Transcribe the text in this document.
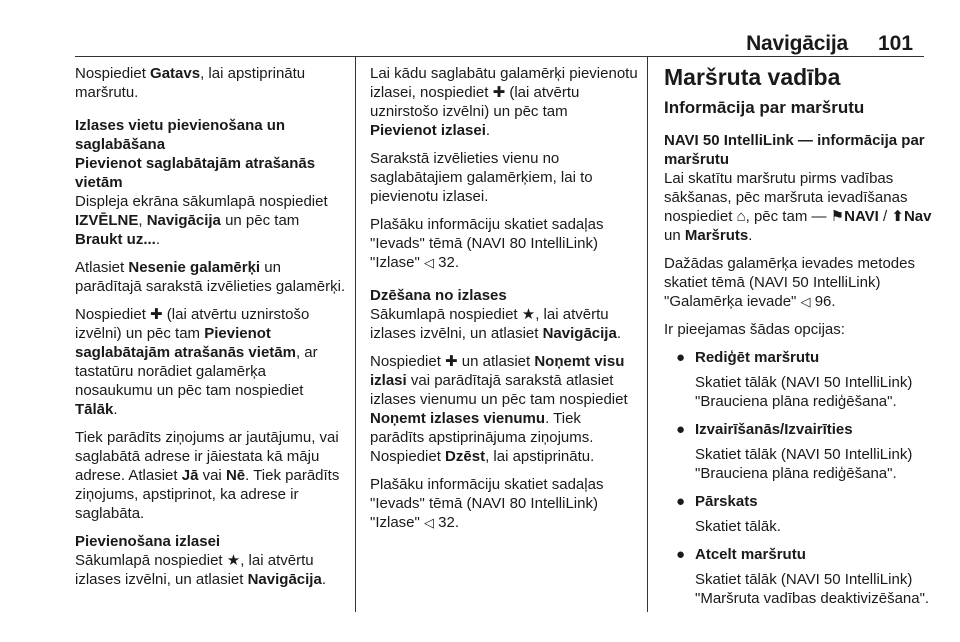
Navigācija 101

Nospiediet Gatavs, lai apstiprinātu maršrutu.

Izlases vietu pievienošana un saglabāšana

Pievienot saglabātajām atrašanās vietām

Displeja ekrāna sākumlapā nospiediet IZVĒLNE, Navigācija un pēc tam Braukt uz....

Atlasiet Nesenie galamērķi un parādītajā sarakstā izvēlieties galamērķi.

Nospiediet ✚ (lai atvērtu uznirstošo izvēlni) un pēc tam Pievienot saglabātajām atrašanās vietām, ar tastatūru norādiet galamērķa nosaukumu un pēc tam nospiediet Tālāk.

Tiek parādīts ziņojums ar jautājumu, vai saglabātā adrese ir jāiestata kā māju adrese. Atlasiet Jā vai Nē. Tiek parādīts ziņojums, apstiprinot, ka adrese ir saglabāta.

Pievienošana izlasei

Sākumlapā nospiediet ★, lai atvērtu izlases izvēlni, un atlasiet Navigācija.

Lai kādu saglabātu galamērķi pievienotu izlasei, nospiediet ✚ (lai atvērtu uznirstošo izvēlni) un pēc tam Pievienot izlasei.

Sarakstā izvēlieties vienu no saglabātajiem galamērķiem, lai to pievienotu izlasei.

Plašāku informāciju skatiet sadaļas "Ievads" tēmā (NAVI 80 IntelliLink) "Izlase" ◁ 32.

Dzēšana no izlases

Sākumlapā nospiediet ★, lai atvērtu izlases izvēlni, un atlasiet Navigācija.

Nospiediet ✚ un atlasiet Noņemt visu izlasi vai parādītajā sarakstā atlasiet izlases vienumu un pēc tam nospiediet Noņemt izlases vienumu. Tiek parādīts apstiprinājuma ziņojums. Nospiediet Dzēst, lai apstiprinātu.

Plašāku informāciju skatiet sadaļas "Ievads" tēmā (NAVI 80 IntelliLink) "Izlase" ◁ 32.

Maršruta vadība
Informācija par maršrutu

NAVI 50 IntelliLink — informācija par maršrutu

Lai skatītu maršrutu pirms vadības sākšanas, pēc maršruta ievadīšanas nospiediet ⌂, pēc tam — ⚑NAVI / ⬆Nav un Maršruts.

Dažādas galamērķa ievades metodes skatiet tēmā (NAVI 50 IntelliLink) "Galamērķa ievade" ◁ 96.

Ir pieejamas šādas opcijas:

● Rediģēt maršrutu
Skatiet tālāk (NAVI 50 IntelliLink) "Brauciena plāna rediģēšana".
● Izvairīšanās/Izvairīties
Skatiet tālāk (NAVI 50 IntelliLink) "Brauciena plāna rediģēšana".
● Pārskats
Skatiet tālāk.
● Atcelt maršrutu
Skatiet tālāk (NAVI 50 IntelliLink) "Maršruta vadības deaktivizēšana".
